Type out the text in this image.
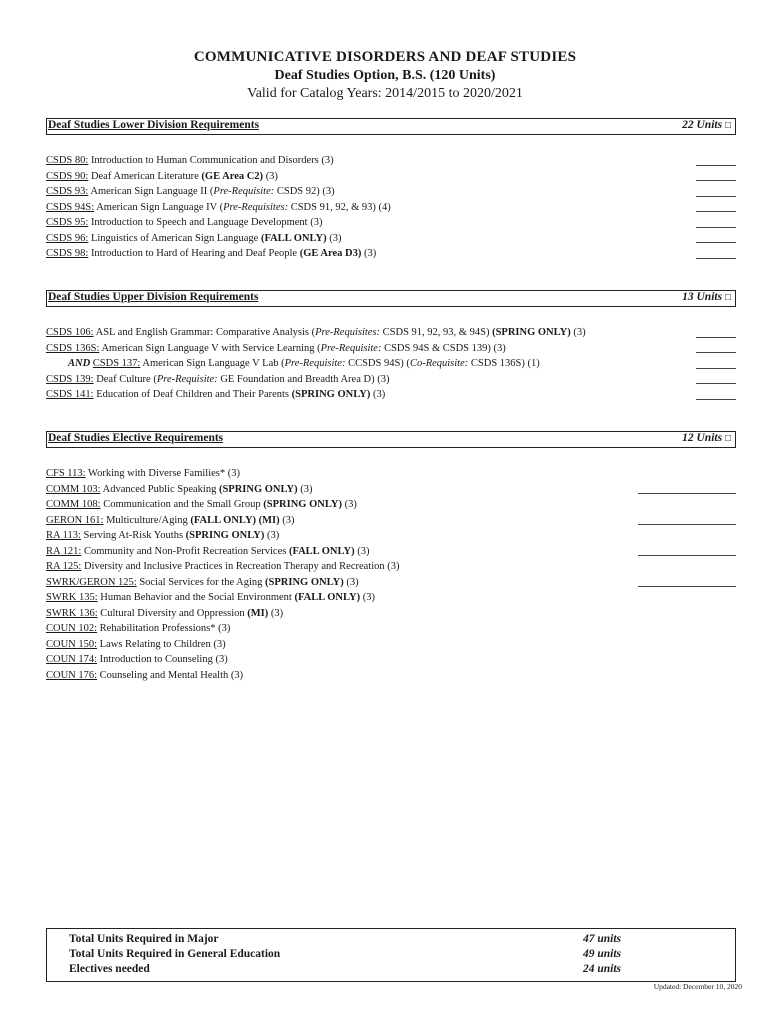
COMMUNICATIVE DISORDERS AND DEAF STUDIES
Deaf Studies Option, B.S. (120 Units)
Valid for Catalog Years: 2014/2015 to 2020/2021
Deaf Studies Lower Division Requirements	22 Units □
CSDS 80: Introduction to Human Communication and Disorders (3)
CSDS 90: Deaf American Literature (GE Area C2) (3)
CSDS 93: American Sign Language II (Pre-Requisite: CSDS 92) (3)
CSDS 94S: American Sign Language IV (Pre-Requisites: CSDS 91, 92, & 93) (4)
CSDS 95: Introduction to Speech and Language Development (3)
CSDS 96: Linguistics of American Sign Language (FALL ONLY) (3)
CSDS 98: Introduction to Hard of Hearing and Deaf People (GE Area D3) (3)
Deaf Studies Upper Division Requirements	13 Units □
CSDS 106: ASL and English Grammar: Comparative Analysis (Pre-Requisites: CSDS 91, 92, 93, & 94S) (SPRING ONLY) (3)
CSDS 136S: American Sign Language V with Service Learning (Pre-Requisite: CSDS 94S & CSDS 139) (3)
AND CSDS 137: American Sign Language V Lab (Pre-Requisite: CCSDS 94S) (Co-Requisite: CSDS 136S) (1)
CSDS 139: Deaf Culture (Pre-Requisite: GE Foundation and Breadth Area D) (3)
CSDS 141: Education of Deaf Children and Their Parents (SPRING ONLY) (3)
Deaf Studies Elective Requirements	12 Units □
CFS 113: Working with Diverse Families* (3)
COMM 103: Advanced Public Speaking (SPRING ONLY) (3)
COMM 108: Communication and the Small Group (SPRING ONLY) (3)
GERON 161: Multiculture/Aging (FALL ONLY) (MI) (3)
RA 113: Serving At-Risk Youths (SPRING ONLY) (3)
RA 121: Community and Non-Profit Recreation Services (FALL ONLY) (3)
RA 125: Diversity and Inclusive Practices in Recreation Therapy and Recreation (3)
SWRK/GERON 125: Social Services for the Aging (SPRING ONLY) (3)
SWRK 135: Human Behavior and the Social Environment (FALL ONLY) (3)
SWRK 136: Cultural Diversity and Oppression (MI) (3)
COUN 102: Rehabilitation Professions* (3)
COUN 150: Laws Relating to Children (3)
COUN 174: Introduction to Counseling (3)
COUN 176: Counseling and Mental Health (3)
Total Units Required in Major	47 units
Total Units Required in General Education	49 units
Electives needed	24 units
Updated: December 10, 2020
